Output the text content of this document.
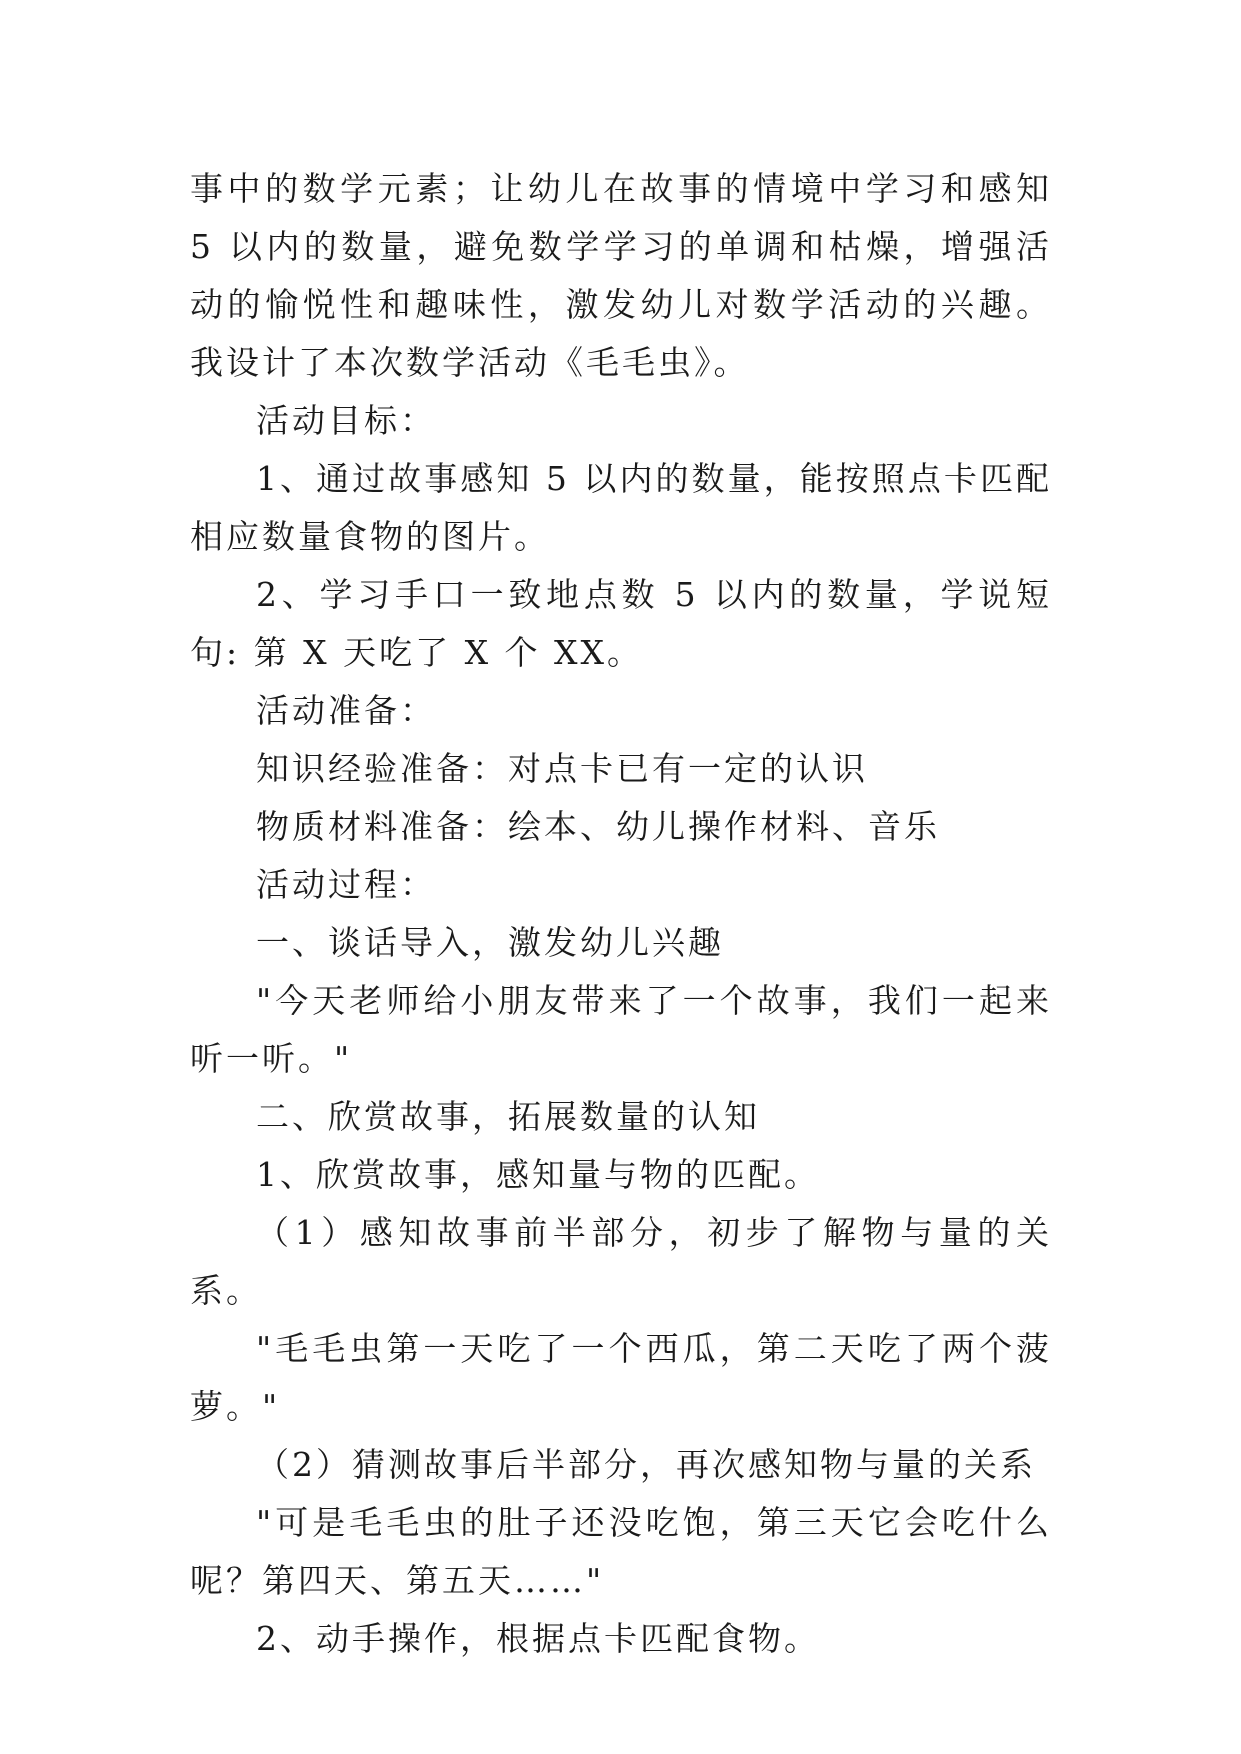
事中的数学元素；让幼儿在故事的情境中学习和感知 5 以内的数量，避免数学学习的单调和枯燥，增强活动的愉悦性和趣味性，激发幼儿对数学活动的兴趣。我设计了本次数学活动《毛毛虫》。

活动目标：

1、通过故事感知 5 以内的数量，能按照点卡匹配相应数量食物的图片。

2、学习手口一致地点数 5 以内的数量，学说短句: 第 X 天吃了 X 个 XX。

活动准备：

知识经验准备：对点卡已有一定的认识

物质材料准备：绘本、幼儿操作材料、音乐

活动过程：

一、谈话导入，激发幼儿兴趣

"今天老师给小朋友带来了一个故事，我们一起来听一听。"

二、欣赏故事，拓展数量的认知

1、欣赏故事，感知量与物的匹配。

（1）感知故事前半部分，初步了解物与量的关系。

"毛毛虫第一天吃了一个西瓜，第二天吃了两个菠萝。"

（2）猜测故事后半部分，再次感知物与量的关系

"可是毛毛虫的肚子还没吃饱，第三天它会吃什么呢？第四天、第五天……"

2、动手操作，根据点卡匹配食物。
